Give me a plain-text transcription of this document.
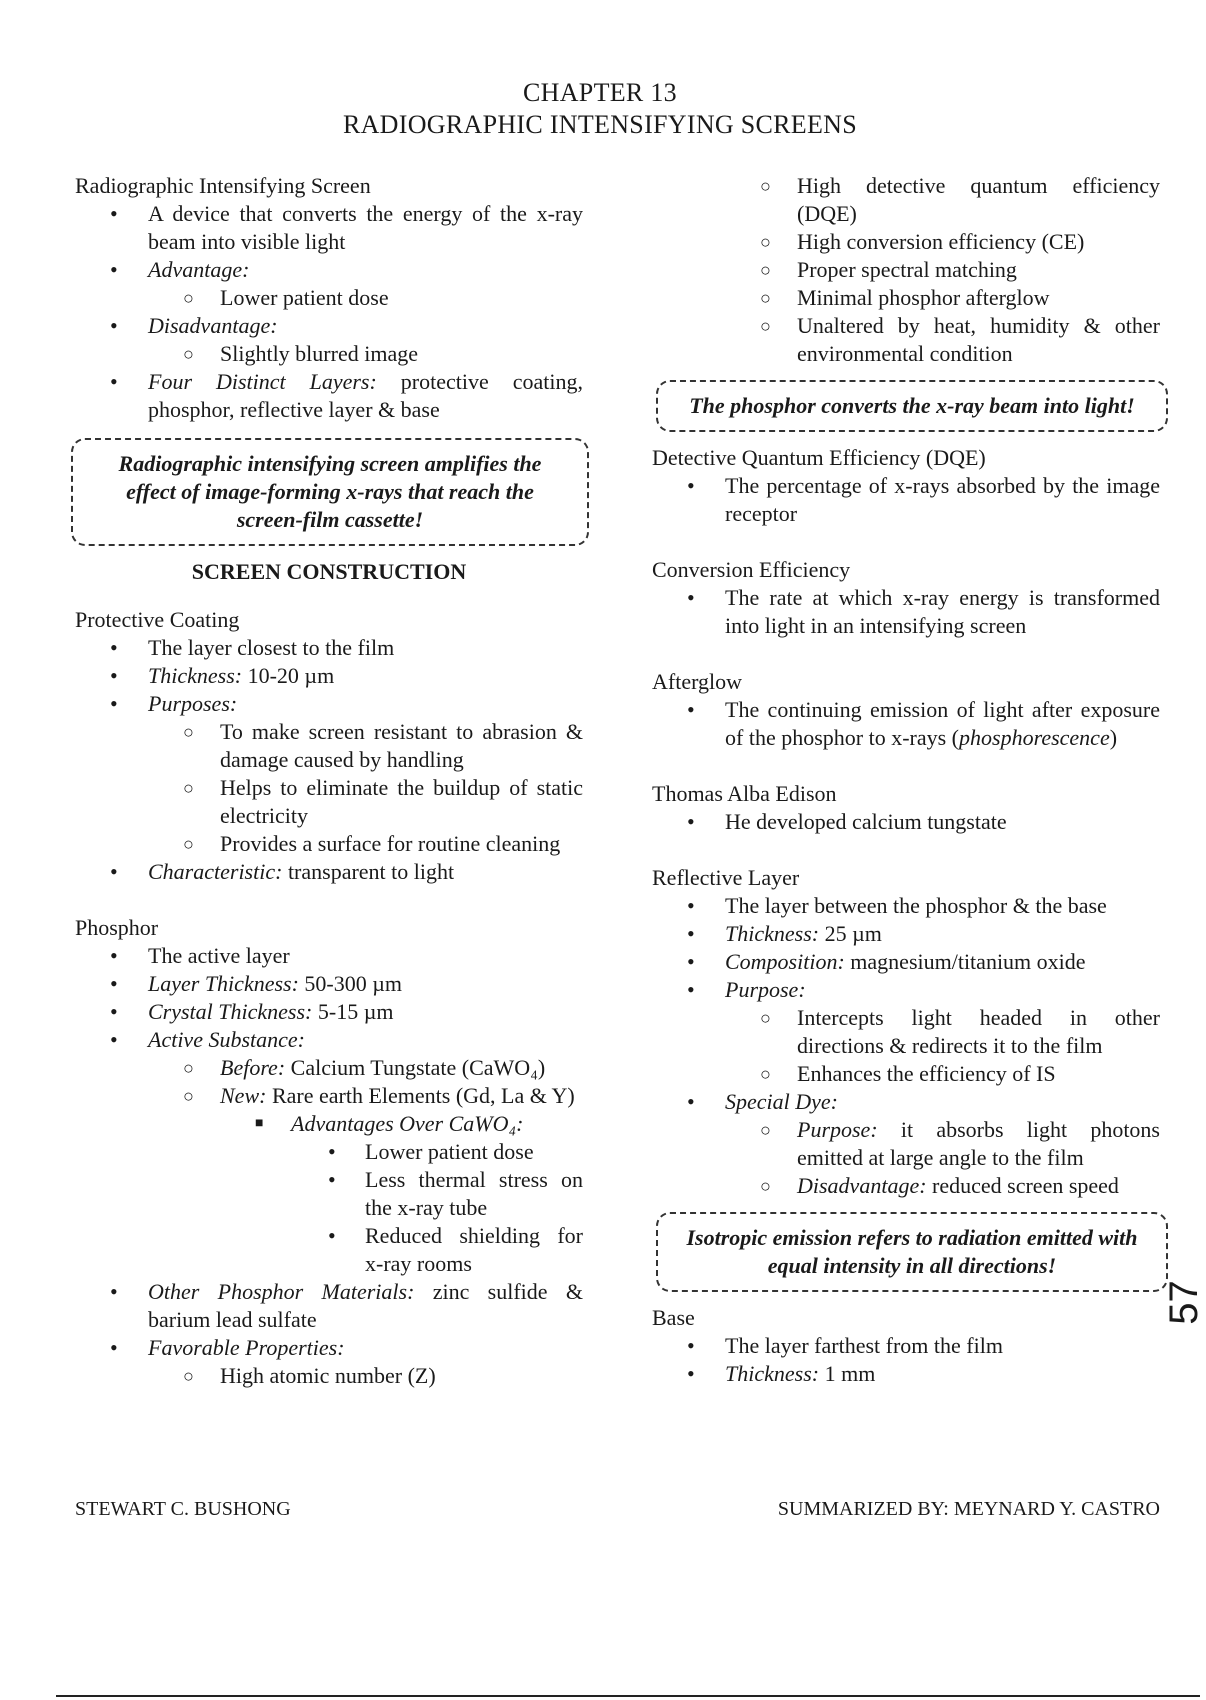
CHAPTER 13
RADIOGRAPHIC INTENSIFYING SCREENS

Radiographic Intensifying Screen

• A device that converts the energy of the x-ray beam into visible light
• Advantage:
○ Lower patient dose
• Disadvantage:
○ Slightly blurred image
• Four Distinct Layers: protective coating, phosphor, reflective layer & base
Radiographic intensifying screen amplifies the effect of image-forming x-rays that reach the screen-film cassette!
SCREEN CONSTRUCTION

Protective Coating

• The layer closest to the film
• Thickness: 10-20 µm
• Purposes:
○ To make screen resistant to abrasion & damage caused by handling
○ Helps to eliminate the buildup of static electricity
○ Provides a surface for routine cleaning
• Characteristic: transparent to light

Phosphor

• The active layer
• Layer Thickness: 50-300 µm
• Crystal Thickness: 5-15 µm
• Active Substance:
○ Before: Calcium Tungstate (CaWO₄)
○ New: Rare earth Elements (Gd, La & Y)
■ Advantages Over CaWO₄:
• Lower patient dose
• Less thermal stress on the x-ray tube
• Reduced shielding for x-ray rooms
• Other Phosphor Materials: zinc sulfide & barium lead sulfate
• Favorable Properties:
○ High atomic number (Z)
○ High detective quantum efficiency (DQE)
○ High conversion efficiency (CE)
○ Proper spectral matching
○ Minimal phosphor afterglow
○ Unaltered by heat, humidity & other environmental condition
The phosphor converts the x-ray beam into light!

Detective Quantum Efficiency (DQE)

• The percentage of x-rays absorbed by the image receptor

Conversion Efficiency

• The rate at which x-ray energy is transformed into light in an intensifying screen

Afterglow

• The continuing emission of light after exposure of the phosphor to x-rays (phosphorescence)

Thomas Alba Edison

• He developed calcium tungstate

Reflective Layer

• The layer between the phosphor & the base
• Thickness: 25 µm
• Composition: magnesium/titanium oxide
• Purpose:
○ Intercepts light headed in other directions & redirects it to the film
○ Enhances the efficiency of IS
• Special Dye:
○ Purpose: it absorbs light photons emitted at large angle to the film
○ Disadvantage: reduced screen speed
Isotropic emission refers to radiation emitted with equal intensity in all directions!

Base

• The layer farthest from the film
• Thickness: 1 mm
STEWART C. BUSHONG	SUMMARIZED BY: MEYNARD Y. CASTRO
57
